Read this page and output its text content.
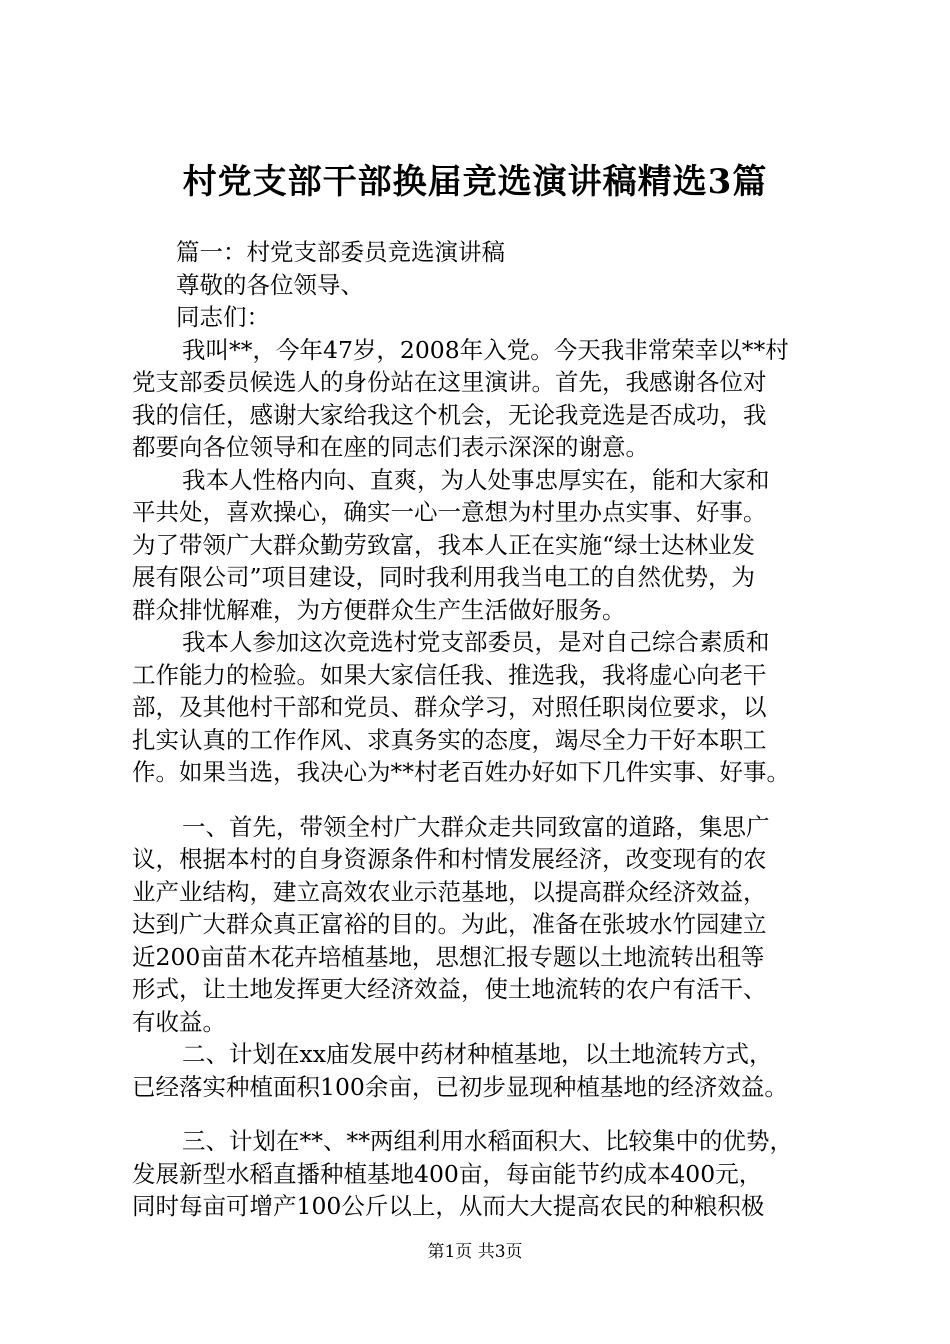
村党支部干部换届竞选演讲稿精选3篇
篇一：村党支部委员竞选演讲稿
尊敬的各位领导、
同志们：
我叫**，今年47岁，2008年入党。今天我非常荣幸以**村
党支部委员候选人的身份站在这里演讲。首先，我感谢各位对
我的信任，感谢大家给我这个机会，无论我竞选是否成功，我
都要向各位领导和在座的同志们表示深深的谢意。
我本人性格内向、直爽，为人处事忠厚实在，能和大家和
平共处，喜欢操心，确实一心一意想为村里办点实事、好事。
为了带领广大群众勤劳致富，我本人正在实施“绿士达林业发
展有限公司”项目建设，同时我利用我当电工的自然优势，为
群众排忧解难，为方便群众生产生活做好服务。
我本人参加这次竞选村党支部委员，是对自己综合素质和
工作能力的检验。如果大家信任我、推选我，我将虚心向老干
部，及其他村干部和党员、群众学习，对照任职岗位要求，以
扎实认真的工作作风、求真务实的态度，竭尽全力干好本职工
作。如果当选，我决心为**村老百姓办好如下几件实事、好事。
一、首先，带领全村广大群众走共同致富的道路，集思广
议，根据本村的自身资源条件和村情发展经济，改变现有的农
业产业结构，建立高效农业示范基地，以提高群众经济效益，
达到广大群众真正富裕的目的。为此，准备在张坡水竹园建立
近200亩苗木花卉培植基地，思想汇报专题以土地流转出租等
形式，让土地发挥更大经济效益，使土地流转的农户有活干、
有收益。
二、计划在xx庙发展中药材种植基地，以土地流转方式，
已经落实种植面积100余亩，已初步显现种植基地的经济效益。
三、计划在**、**两组利用水稻面积大、比较集中的优势，
发展新型水稻直播种植基地400亩，每亩能节约成本400元，
同时每亩可增产100公斤以上，从而大大提高农民的种粮积极
第1页 共3页
